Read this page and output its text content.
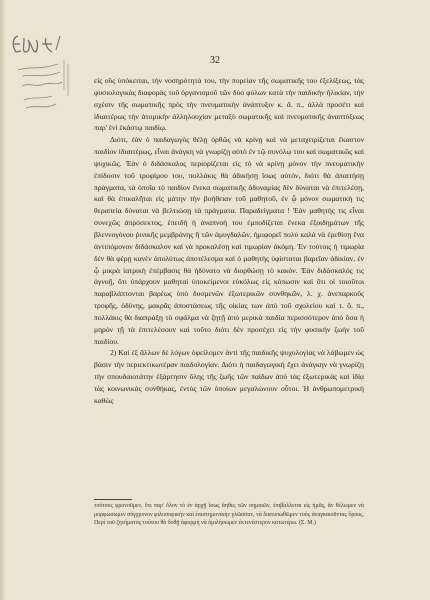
32

εἰς οὓς ὑπόκειται, τὴν νοσηρότητά του, τὴν πορείαν τῆς σωματικῆς του ἐξελίξεως, τὰς φυσιολογικὰς διαφορὰς τοῦ ὀργανισμοῦ τῶν δύο φύλων κατὰ τὴν παιδικὴν ἡλικίαν, τὴν σχέσιν τῆς σωματικῆς πρὸς τὴν πνευματικὴν ἀνάπτυξιν κ. ἄ. π., ἀλλὰ προσέτι καὶ ἰδιαιτέρως τὴν ἀτομικὴν ἀλληλουχίαν μεταξὺ σωματικῆς καὶ πνευματικῆς ἀναπτύξεως παρ' ἑνὶ ἑκάστῳ παιδίῳ.

Διότι, ἐὰν ὁ παιδαγωγὸς θέλῃ ὀρθῶς νὰ κρίνῃ καὶ νὰ μεταχειρίζεται ἕκαστον παιδίον ἰδιαιτέρως, εἶναι ἀνάγκη νὰ γνωρίζῃ αὐτὸ ἐν τῷ συνόλῳ του καὶ σωματικῶς καὶ ψυχικῶς. Ἐὰν ὁ διδάσκαλος περιορίζεται εἰς τὸ νὰ κρίνῃ μόνον τὴν πνευματικὴν ἐπίδοσιν τοῦ τροφίμου του, πολλάκις θὰ ἀδικήσῃ ἴσως αὐτόν, διότι θὰ ἀπαιτήσῃ πράγματα, τὰ ὁποῖα τὸ παιδίον ἕνεκα σωματικῆς ἀδυναμίας δὲν δύναται νὰ ἐπιτελέσῃ, καὶ θὰ ἐπικαλῆται εἰς μάτην τὴν βοήθειαν τοῦ μαθητοῦ, ἐν ᾧ μόνον σωματικὴ τις θεραπεία δύναται νὰ βελτιώσῃ τὰ πράγματα. Παραδείγματα ! Ἐὰν μαθητής τις εἶναι συνεχῶς ἀπρόσεκτος, ἐπειδὴ ἡ ἀναπνοὴ του ἐμποδίζεται ἕνεκα ἐξοιδημάτων τῆς βλεννογόνου ῥινικῆς μεμβράνης ἢ τῶν ἀμυγδαλῶν, ἡμιφορεῖ πολὺ καλὰ νὰ ἐρεθίσῃ ἕνα ἀντιπόμονον διδάσκαλον καὶ νὰ προκαλέσῃ καὶ τιμωρίαν ἀκόμη. Ἐν τούτοις ἡ τιμωρία δὲν θὰ φέρῃ κανὲν ἀπολύτως ἀποτέλεσμα καὶ ὁ μαθητὴς ὑφίσταται βαρεῖαν ἀδικίαν, ἐν ᾧ μικρὰ ἰατρικὴ ἐπέμβασις θὰ ἠδύνατο νὰ διορθώσῃ τὸ κακόν. Ἐὰν διδάσκαλός τις ἀγνοῇ, ὅτι ὑπάρχουν μαθηταὶ ὑποκείμενοι εὐκόλως εἰς κόπωσιν καὶ ὅτι οἱ τοιοῦτοι παραβλάπτονται βαρέως ὑπὸ δυσμενῶν ἐξωτερικῶν συνθηκῶν, λ. χ. ἀνεπαρκοῦς τροφῆς, ὀδύνης, μακρᾶς ἀποστάσεως τῆς οἰκίας των ἀπὸ τοῦ σχολείου καὶ τ. ὅ. π., πολλάκις θὰ διαπράξῃ τὸ σφάλμα νὰ ζητῇ ἀπὸ μερικὰ παιδία περισσότερον ἀπὸ ὅσα ἡ μηρὸν τῇ τὰ ἐπιτελέσουν καὶ τοῦτο διότι δὲν προσέχει εἰς τὴν φυσικὴν ζωὴν τοῦ παιδίου.

2) Καὶ ἐξ ἄλλων δὲ λόγων ὀφείλομεν ἀντὶ τῆς παιδικῆς ψυχολογίας νὰ λάβωμεν ὡς βάσιν τὴν περιεκτικωτέραν παιδολογίαν. Διότι ἡ παιδαγωγικὴ ἔχει ἀνάγκην νὰ γνωρίζῃ τὴν σπουδαιοτάτην ἐξάρτησιν ὅλης τῆς ζωῆς τῶν παίδων ἀπὸ τὰς ἐξωτερικὰς καὶ ἰδίᾳ τὰς κοινωνικὰς συνθήκας, ἐντὸς τῶν ὁποίων μεγαλώνουν οὗτοι. Ἡ ἀνθρωπομετρικὴ καθὼς

τούτους φρονοῦμεν, ὅτι παρ' ὅλον τὸ ἐν ἀρχῇ ἴσως ἄηθες τῶν σημαιῶν, ἐπιβάλλεται εἰς ἡμᾶς, ἂν θέλωμεν νὰ μορφώσωμεν σύγχρονον φιλοσοφικὴν καὶ ἐπιστημονικὴν γλῶσσαν, νὰ διατυπωθῶμεν τοὺς ἀναγκαιοῦντας ὅρους. Περὶ τοῦ ζητήματος τούτου θὰ δοθῇ ἀφορμὴ νὰ ὁμιλήσωμεν ἐκτενέστερον κατωτέρω. (Σ. Μ.)
